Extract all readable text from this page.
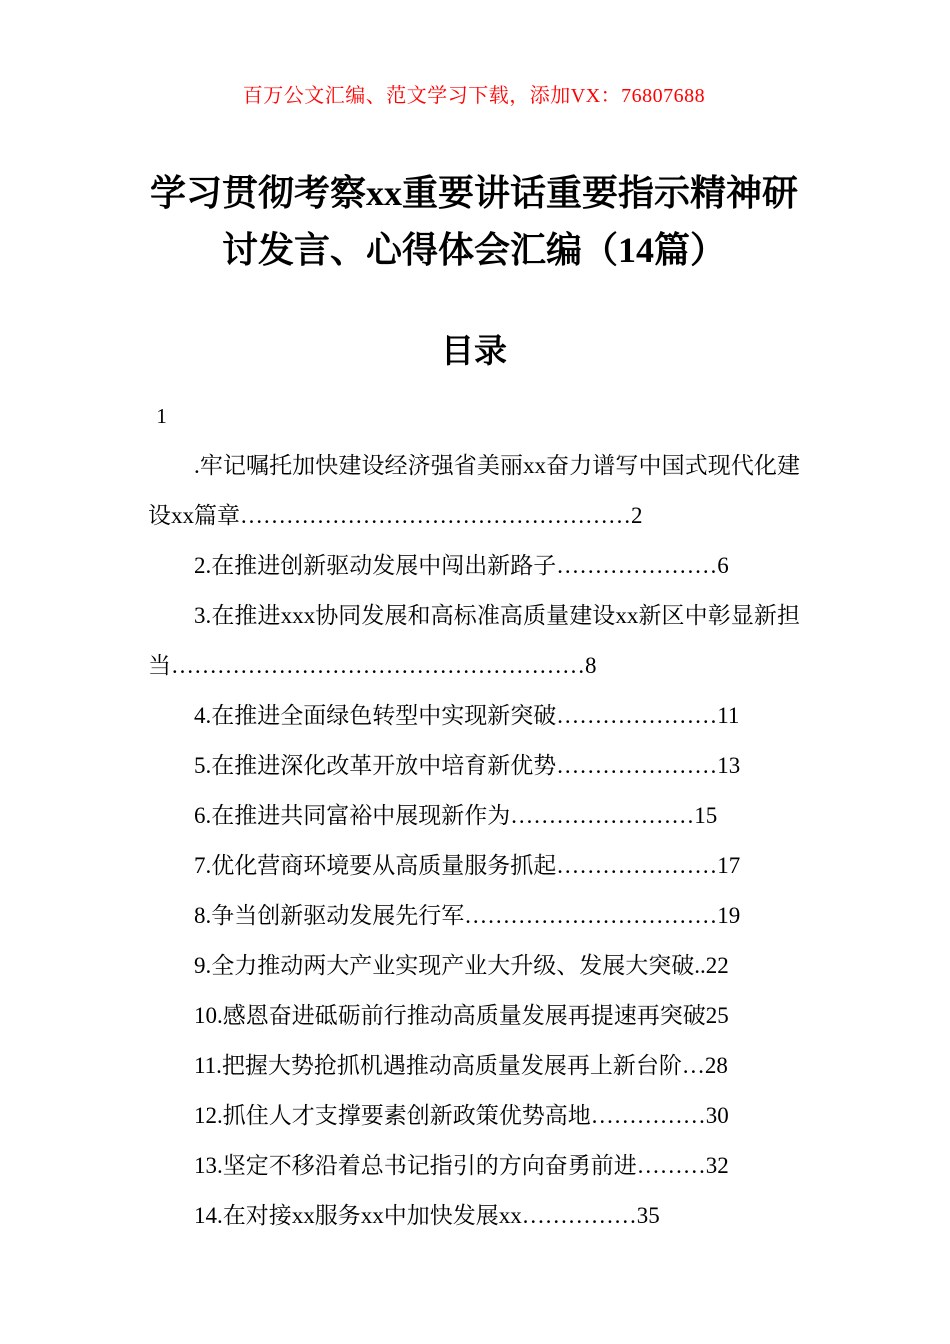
百万公文汇编、范文学习下载，添加VX：76807688
学习贯彻考察xx重要讲话重要指示精神研讨发言、心得体会汇编（14篇）
目录

1

.牢记嘱托加快建设经济强省美丽xx奋力谱写中国式现代化建设xx篇章……………………………………………2

2.在推进创新驱动发展中闯出新路子…………………6

3.在推进xxx协同发展和高标准高质量建设xx新区中彰显新担当………………………………………………8

4.在推进全面绿色转型中实现新突破…………………11

5.在推进深化改革开放中培育新优势…………………13

6.在推进共同富裕中展现新作为……………………15

7.优化营商环境要从高质量服务抓起…………………17

8.争当创新驱动发展先行军……………………………19

9.全力推动两大产业实现产业大升级、发展大突破..22

10.感恩奋进砥砺前行推动高质量发展再提速再突破25

11.把握大势抢抓机遇推动高质量发展再上新台阶…28

12.抓住人才支撑要素创新政策优势高地……………30

13.坚定不移沿着总书记指引的方向奋勇前进………32

14.在对接xx服务xx中加快发展xx……………35
